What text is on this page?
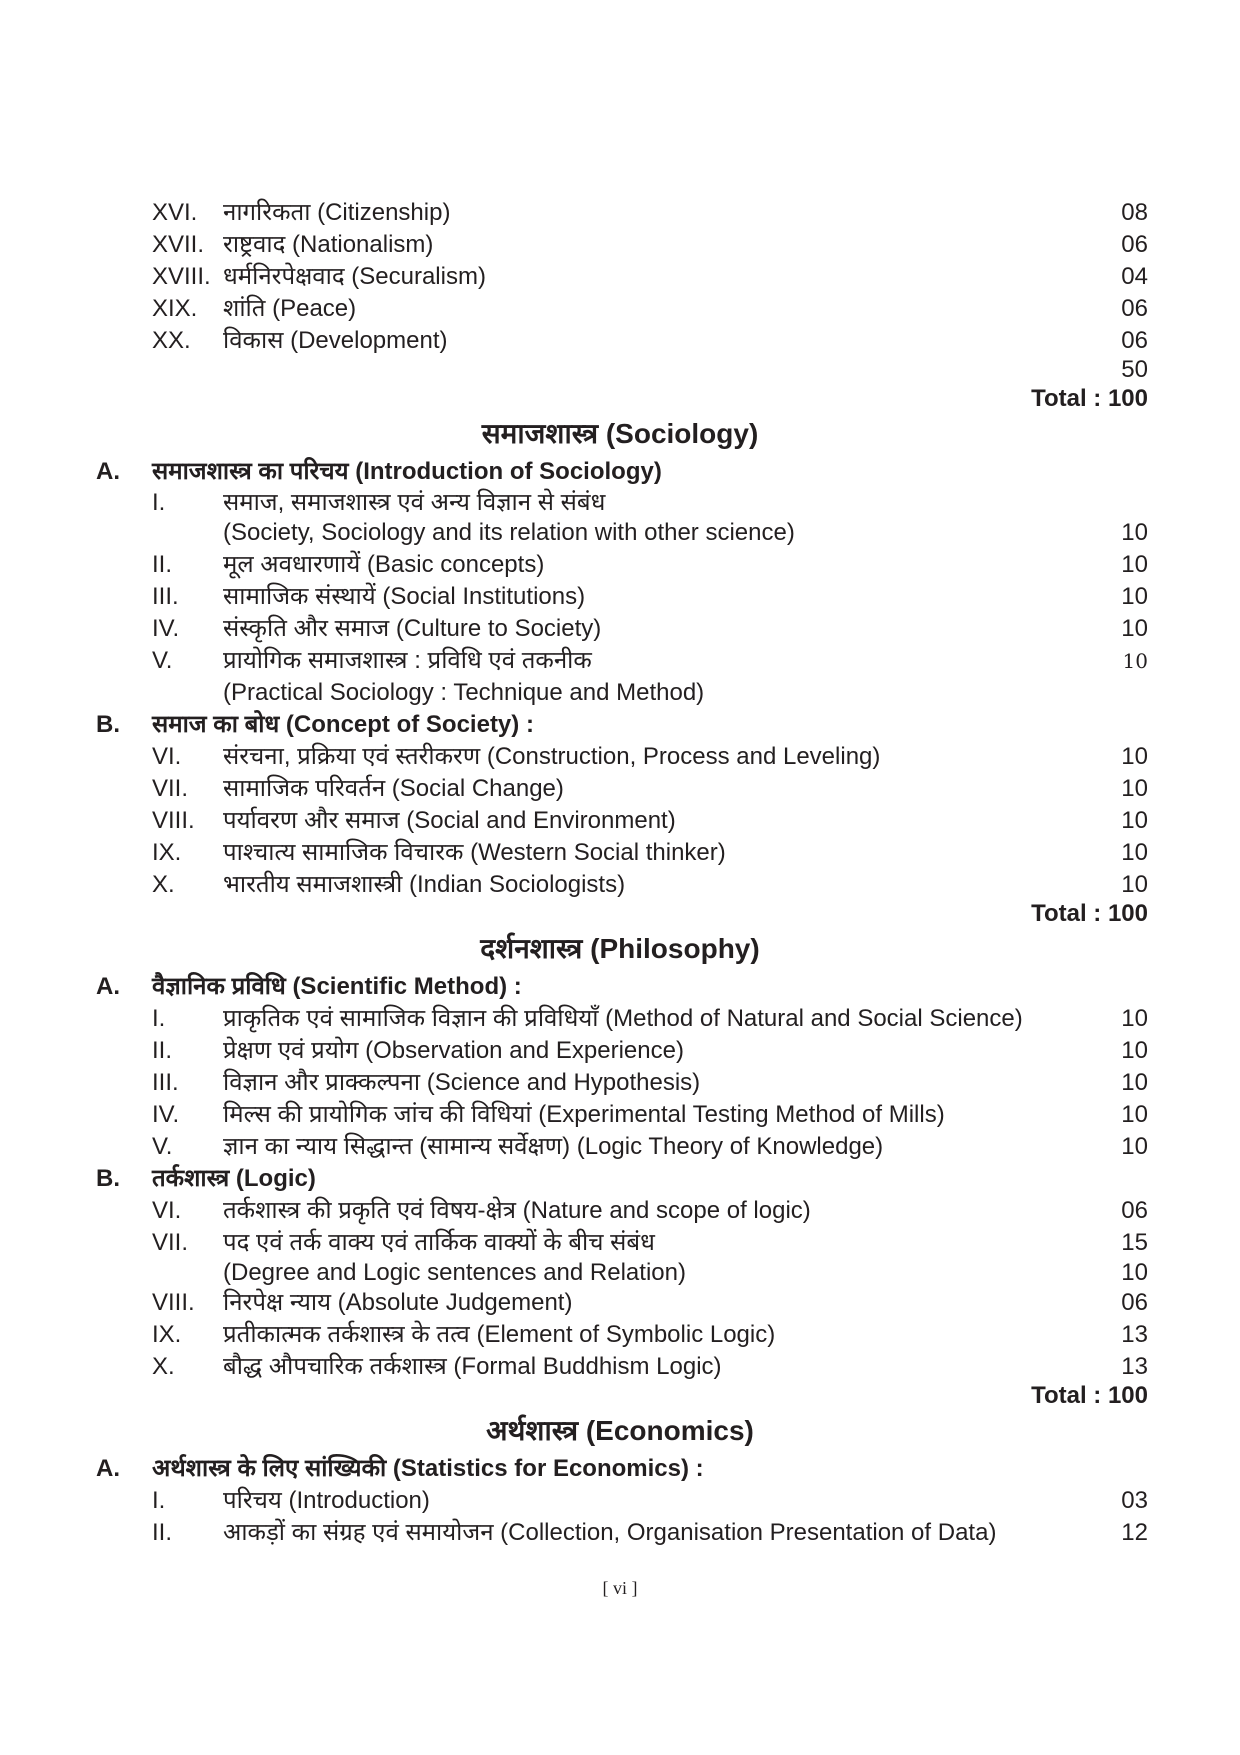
XVI. नागरिकता (Citizenship)	08
XVII. राष्ट्रवाद (Nationalism)	06
XVIII. धर्मनिरपेक्षवाद (Securalism)	04
XIX. शांति (Peace)	06
XX. विकास (Development)	06
50
Total : 100
समाजशास्त्र (Sociology)
A. समाजशास्त्र का परिचय (Introduction of Sociology)
I. समाज, समाजशास्त्र एवं अन्य विज्ञान से संबंध
(Society, Sociology and its relation with other science)	10
II. मूल अवधारणायें (Basic concepts)	10
III. सामाजिक संस्थायें (Social Institutions)	10
IV. संस्कृति और समाज (Culture to Society)	10
V. प्रायोगिक समाजशास्त्र : प्रविधि एवं तकनीक	10
(Practical Sociology : Technique and Method)
B. समाज का बोध (Concept of Society) :
VI. संरचना, प्रक्रिया एवं स्तरीकरण (Construction, Process and Leveling)	10
VII. सामाजिक परिवर्तन (Social Change)	10
VIII. पर्यावरण और समाज (Social and Environment)	10
IX. पाश्चात्य सामाजिक विचारक (Western Social thinker)	10
X. भारतीय समाजशास्त्री (Indian Sociologists)	10
Total : 100
दर्शनशास्त्र (Philosophy)
A. वैज्ञानिक प्रविधि (Scientific Method) :
I. प्राकृतिक एवं सामाजिक विज्ञान की प्रविधियाँ (Method of Natural and Social Science)	10
II. प्रेक्षण एवं प्रयोग (Observation and Experience)	10
III. विज्ञान और प्राक्कल्पना (Science and Hypothesis)	10
IV. मिल्स की प्रायोगिक जांच की विधियां (Experimental Testing Method of Mills)	10
V. ज्ञान का न्याय सिद्धान्त (सामान्य सर्वेक्षण) (Logic Theory of Knowledge)	10
B. तर्कशास्त्र (Logic)
VI. तर्कशास्त्र की प्रकृति एवं विषय-क्षेत्र (Nature and scope of logic)	06
VII. पद एवं तर्क वाक्य एवं तार्किक वाक्यों के बीच संबंध	15
(Degree and Logic sentences and Relation)	10
VIII. निरपेक्ष न्याय (Absolute Judgement)	06
IX. प्रतीकात्मक तर्कशास्त्र के तत्व (Element of Symbolic Logic)	13
X. बौद्ध औपचारिक तर्कशास्त्र (Formal Buddhism Logic)	13
Total : 100
अर्थशास्त्र (Economics)
A. अर्थशास्त्र के लिए सांख्यिकी (Statistics for Economics) :
I. परिचय (Introduction)	03
II. आकड़ों का संग्रह एवं समायोजन (Collection, Organisation Presentation of Data)	12
[ vi ]
